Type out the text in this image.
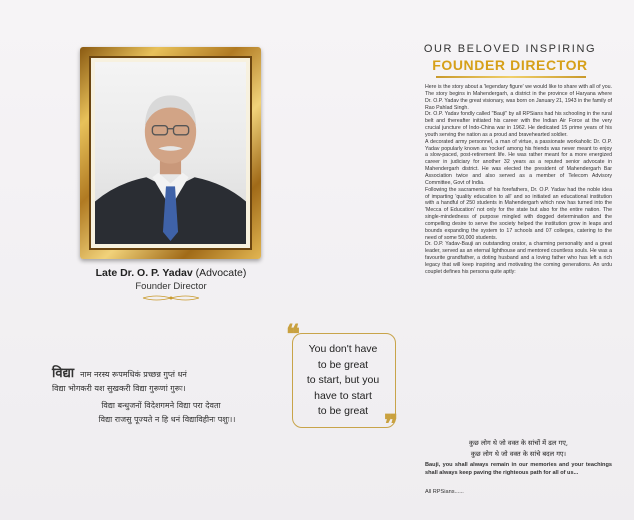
Late Dr. O. P. Yadav (Advocate)
Founder Director
विद्या नाम नरस्य रूपमधिकं प्रच्छन्न गुप्तं धनं
विद्या भोगकरी यश सुखकरी विद्या गुरूणां गुरूः।
विद्या बन्धुजनों विदेशगमने विद्या परा देवता
विद्या राजसु पूज्यते न हि धनं विद्याविहीनः पशुः।।
❝ You don't have
to be great
to start, but you
have to start
to be great ❞
OUR BELOVED INSPIRING
FOUNDER DIRECTOR

Here is the story about a 'legendary figure' we would like to share with all of you. The story begins in Mahendergarh, a district in the province of Haryana where Dr. O.P. Yadav the great visionary, was born on January 21, 1943 in the family of Rao Pahlad Singh.

Dr. O.P. Yadav fondly called "Bauji" by all RPSians had his schooling in the rural belt and thereafter initiated his career with the Indian Air Force at the very crucial juncture of Indo-China war in 1962. He dedicated 15 prime years of his youth serving the nation as a proud and bravehearted soldier.

A decorated army personnel, a man of virtue, a passionate workaholic Dr. O.P. Yadav popularly known as 'rocket' among his friends was never meant to enjoy a slow-paced, post-retirement life. He was rather meant for a more energized career in judiciary for another 32 years as a reputed senior advocate in Mahendergarh district. He was elected the president of Mahendergarh Bar Association twice and also served as a member of Telecom Advisory Committee, Govt of India.

Following the sacraments of his forefathers, Dr. O.P. Yadav had the noble idea of imparting 'quality education to all' and so initiated an educational institution with a handful of 250 students in Mahendergarh which now has turned into the 'Mecca of Education' not only for the state but also for the entire nation. The single-mindedness of purpose mingled with dogged determination and the compelling desire to serve the society helped the institution grow in leaps and bounds expanding the system to 17 schools and 07 colleges, catering to the need of some 50,000 students.

Dr. O.P. Yadav-Bauji an outstanding orator, a charming personality and a great leader, served as an eternal lighthouse and mentored countless souls. He was a favourite grandfather, a doting husband and a loving father who has left a rich legacy that will keep inspiring and motivating the coming generations. An urdu couplet defines his persona quite aptly:

कुछ लोग थे जो वक्त के सांचों में ढल गए,
कुछ लोग थे जो वक्त के सांचे बदल गए।
Bauji, you shall always remain in our memories and your teachings shall always keep paving the righteous path for all of us...
All RPSians......
